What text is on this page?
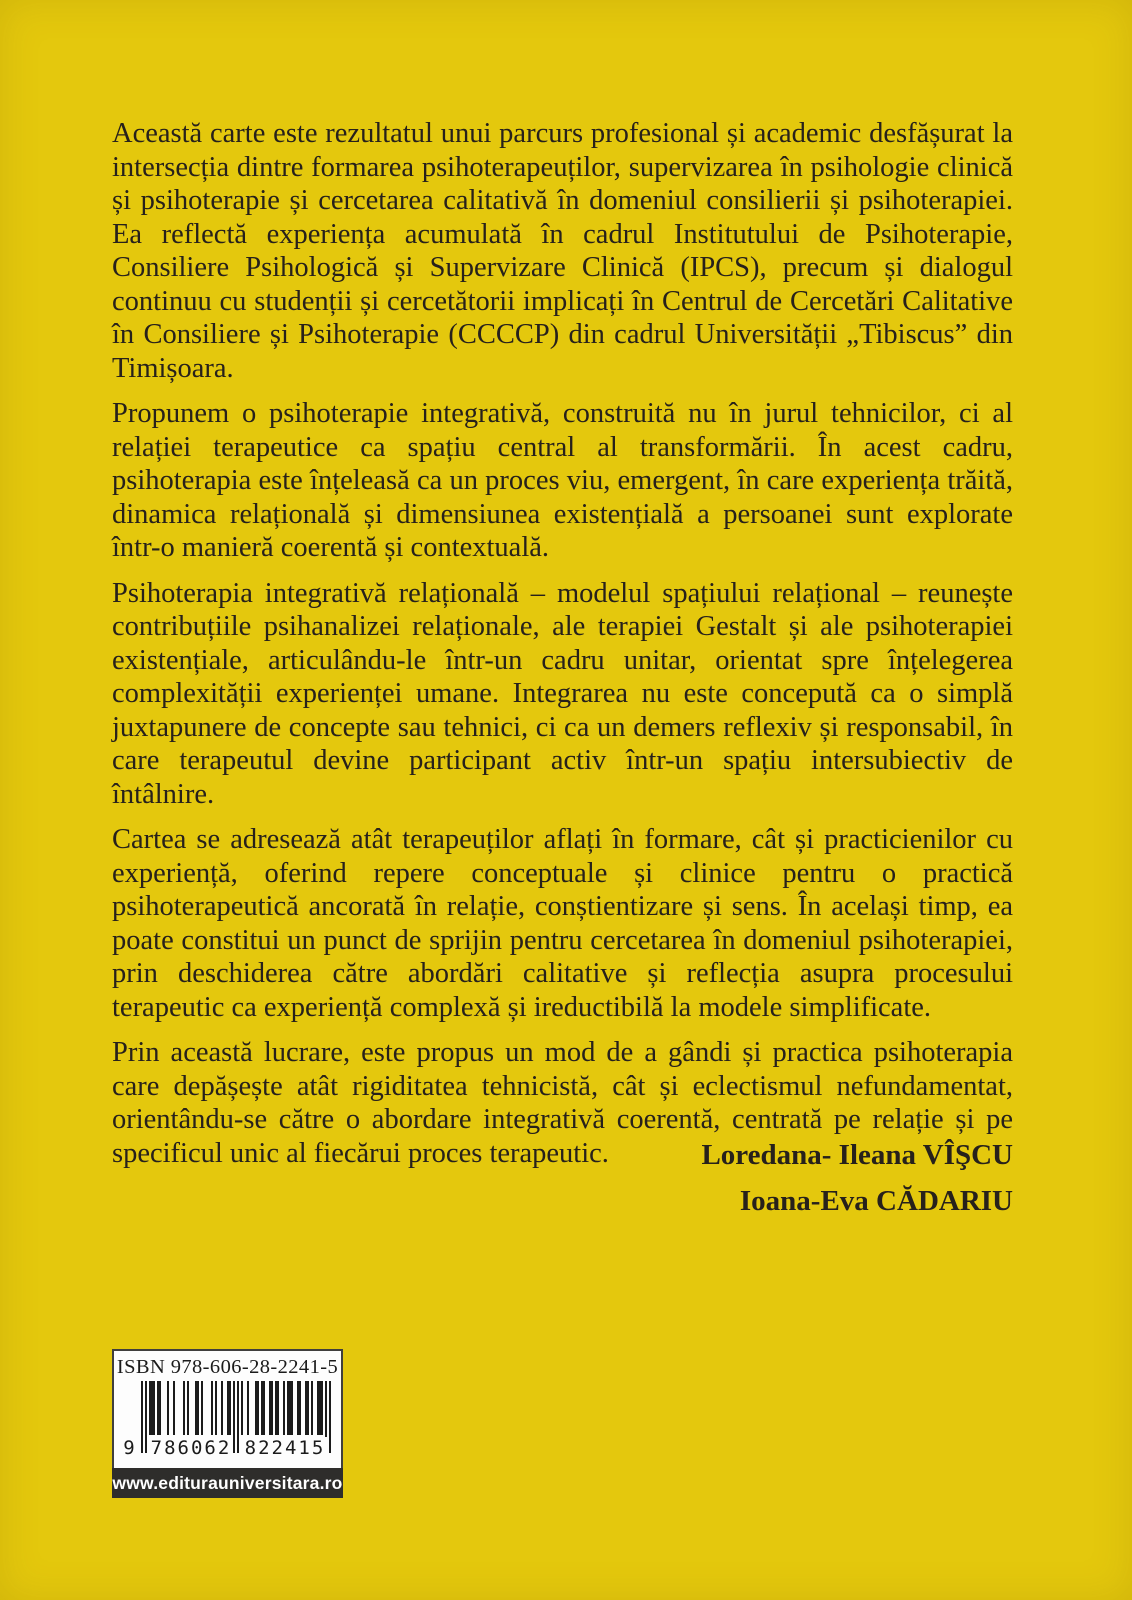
Această carte este rezultatul unui parcurs profesional și academic desfășurat la intersecția dintre formarea psihoterapeuților, supervizarea în psihologie clinică și psihoterapie și cercetarea calitativă în domeniul consilierii și psihoterapiei. Ea reflectă experiența acumulată în cadrul Institutului de Psihoterapie, Consiliere Psihologică și Supervizare Clinică (IPCS), precum și dialogul continuu cu studenții și cercetătorii implicați în Centrul de Cercetări Calitative în Consiliere și Psihoterapie (CCCCP) din cadrul Universității „Tibiscus” din Timișoara.

Propunem o psihoterapie integrativă, construită nu în jurul tehnicilor, ci al relației terapeutice ca spațiu central al transformării. În acest cadru, psihoterapia este înțeleasă ca un proces viu, emergent, în care experiența trăită, dinamica relațională și dimensiunea existențială a persoanei sunt explorate într-o manieră coerentă și contextuală.

Psihoterapia integrativă relațională – modelul spațiului relațional – reunește contribuțiile psihanalizei relaționale, ale terapiei Gestalt și ale psihoterapiei existențiale, articulându-le într-un cadru unitar, orientat spre înțelegerea complexității experienței umane. Integrarea nu este concepută ca o simplă juxtapunere de concepte sau tehnici, ci ca un demers reflexiv și responsabil, în care terapeutul devine participant activ într-un spațiu intersubiectiv de întâlnire.

Cartea se adresează atât terapeuților aflați în formare, cât și practicienilor cu experiență, oferind repere conceptuale și clinice pentru o practică psihoterapeutică ancorată în relație, conștientizare și sens. În același timp, ea poate constitui un punct de sprijin pentru cercetarea în domeniul psihoterapiei, prin deschiderea către abordări calitative și reflecția asupra procesului terapeutic ca experiență complexă și ireductibilă la modele simplificate.

Prin această lucrare, este propus un mod de a gândi și practica psihoterapia care depășește atât rigiditatea tehnicistă, cât și eclectismul nefundamentat, orientându-se către o abordare integrativă coerentă, centrată pe relație și pe specificul unic al fiecărui proces terapeutic.	Loredana- Ileana VÎŞCU
Ioana-Eva CĂDARIU
ISBN 978-606-28-2241-5
9 786062 822415
www.editurauniversitara.ro
